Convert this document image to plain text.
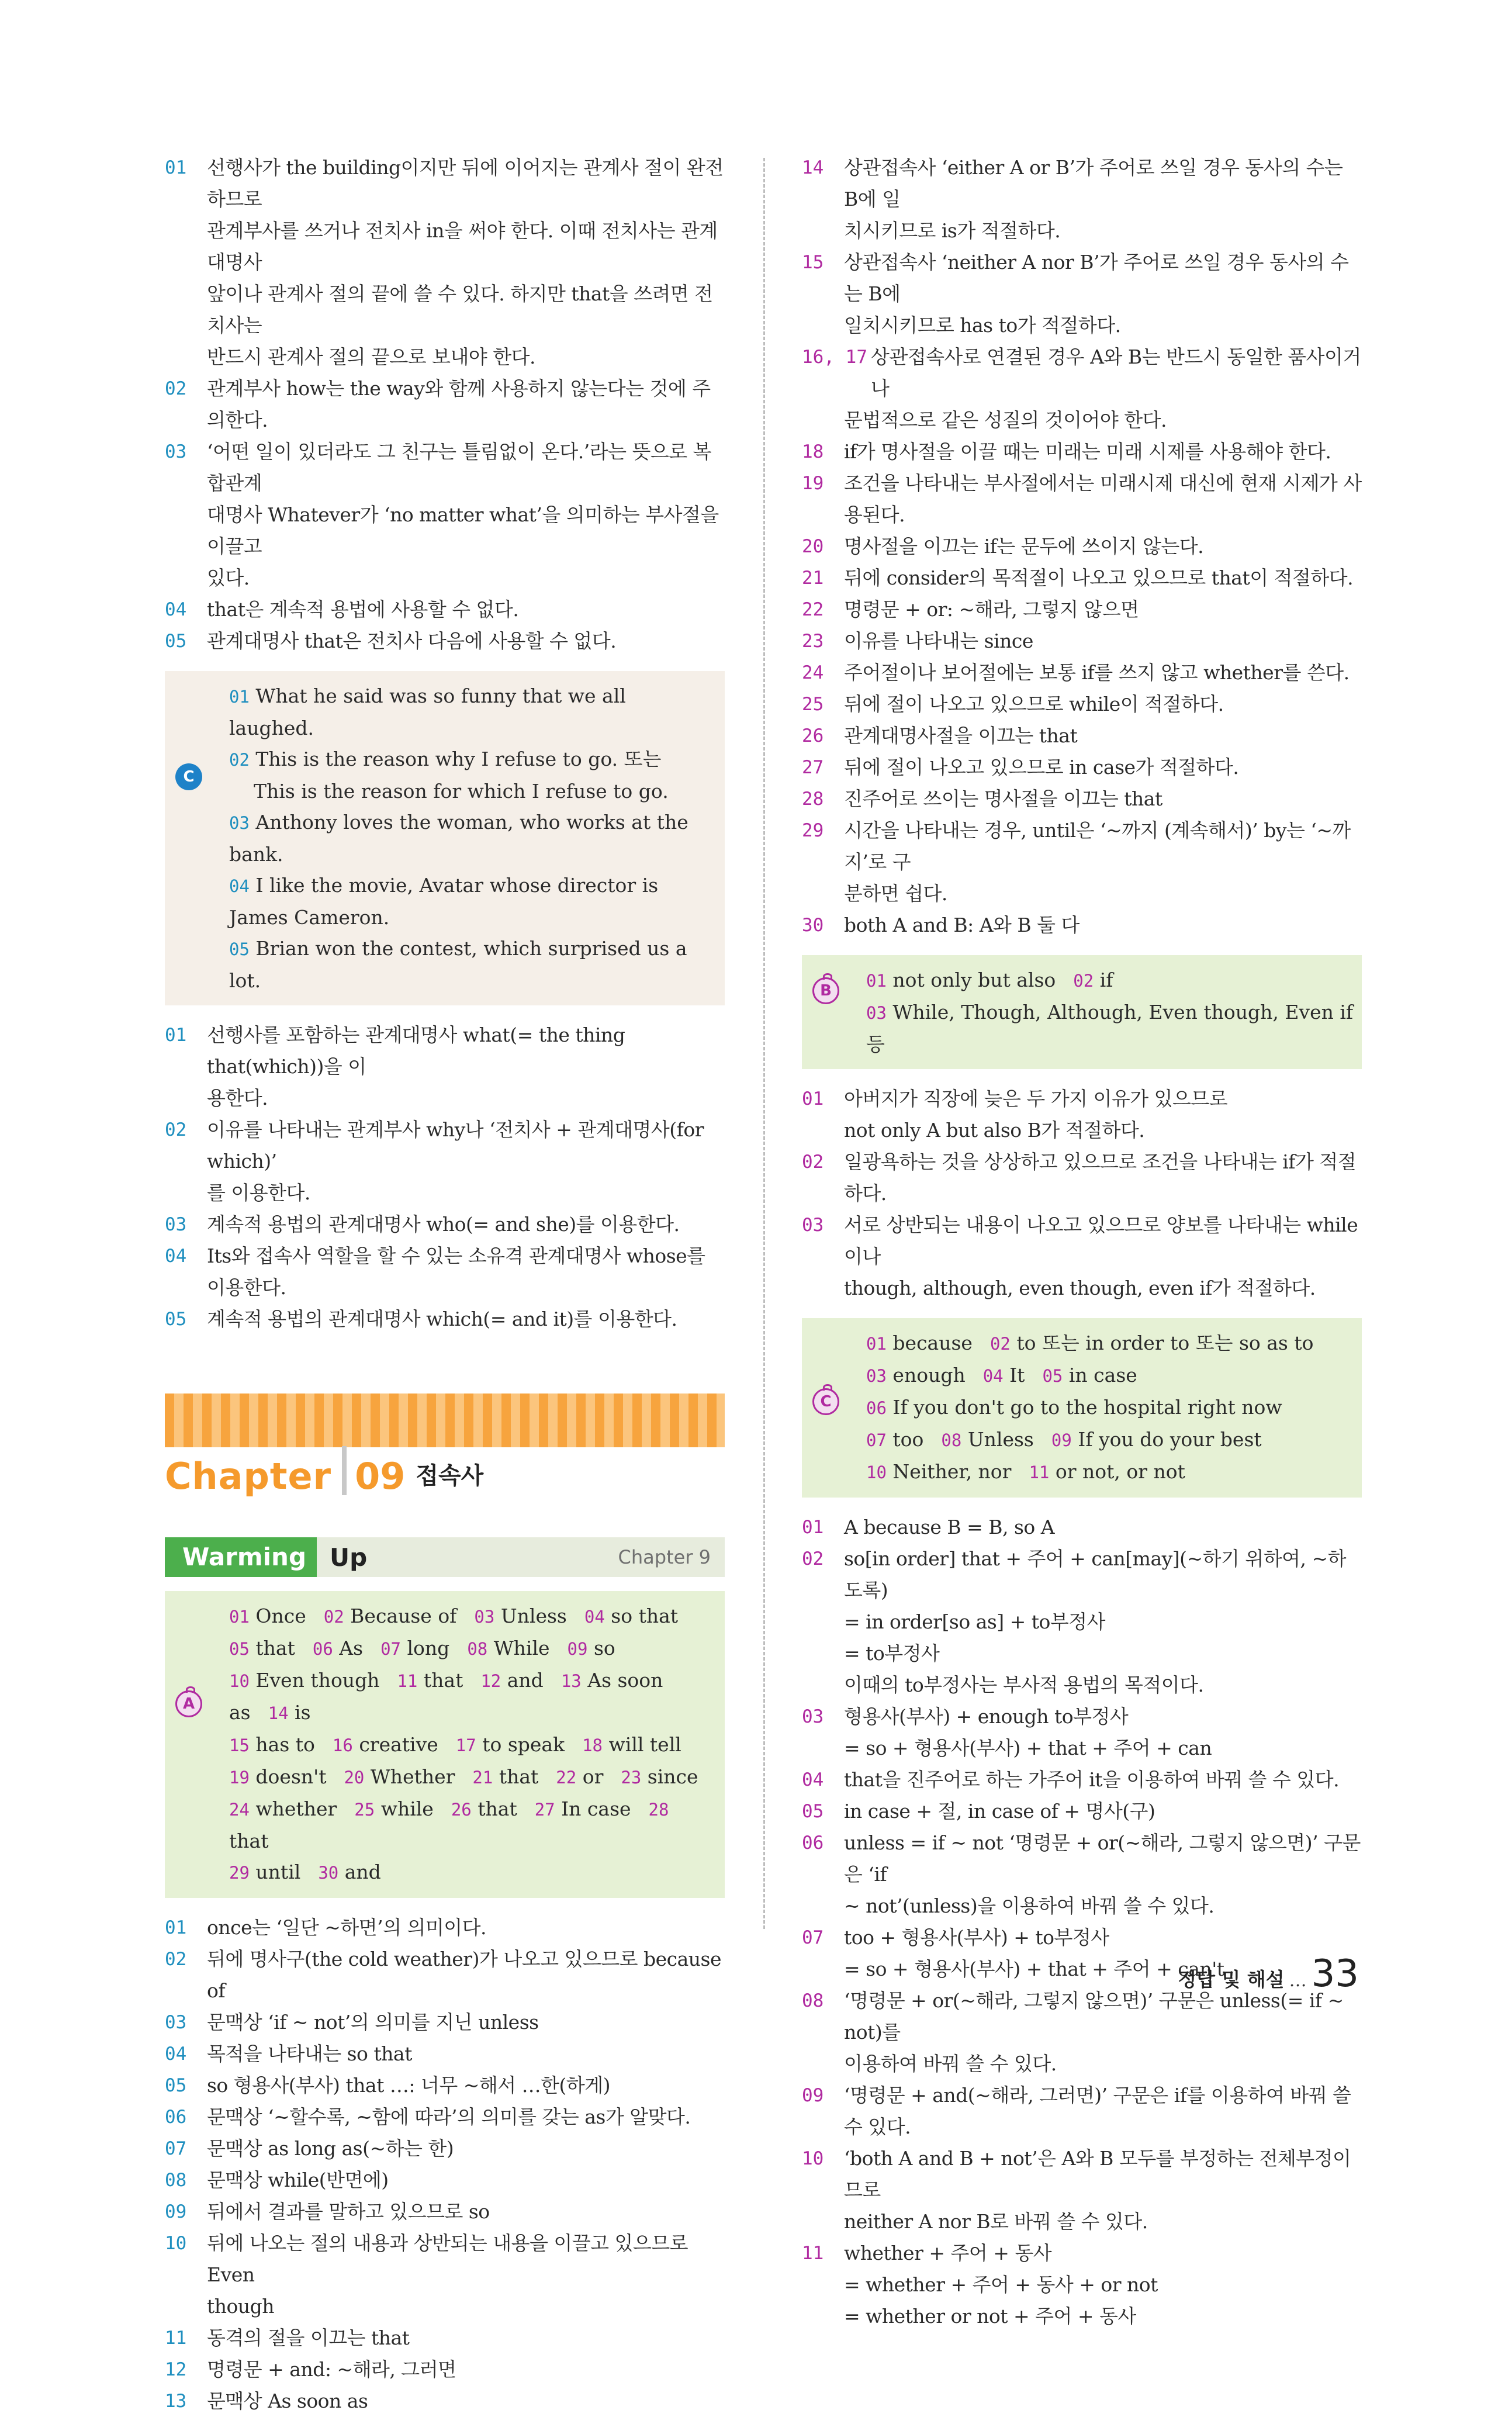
01	선행사가 the building이지만 뒤에 이어지는 관계사 절이 완전하므로
관계부사를 쓰거나 전치사 in을 써야 한다. 이때 전치사는 관계대명사
앞이나 관계사 절의 끝에 쓸 수 있다. 하지만 that을 쓰려면 전치사는
반드시 관계사 절의 끝으로 보내야 한다.
02	관계부사 how는 the way와 함께 사용하지 않는다는 것에 주의한다.
03	‘어떤 일이 있더라도 그 친구는 틀림없이 온다.’라는 뜻으로 복합관계
대명사 Whatever가 ‘no matter what’을 의미하는 부사절을 이끌고
있다.
04	that은 계속적 용법에 사용할 수 없다.
05	관계대명사 that은 전치사 다음에 사용할 수 없다.
C
01 What he said was so funny that we all laughed.
02 This is the reason why I refuse to go. 또는
This is the reason for which I refuse to go.
03 Anthony loves the woman, who works at the bank.
04 I like the movie, Avatar whose director is James Cameron.
05 Brian won the contest, which surprised us a lot.
01	선행사를 포함하는 관계대명사 what(= the thing that(which))을 이
용한다.
02	이유를 나타내는 관계부사 why나 ‘전치사 + 관계대명사(for which)’
를 이용한다.
03	계속적 용법의 관계대명사 who(= and she)를 이용한다.
04	Its와 접속사 역할을 할 수 있는 소유격 관계대명사 whose를 이용한다.
05	계속적 용법의 관계대명사 which(= and it)를 이용한다.
Chapter 09 접속사
Warming Up	Chapter 9
A
01 Once 02 Because of 03 Unless 04 so that
05 that 06 As 07 long 08 While 09 so
10 Even though 11 that 12 and 13 As soon as 14 is
15 has to 16 creative 17 to speak 18 will tell
19 doesn't 20 Whether 21 that 22 or 23 since
24 whether 25 while 26 that 27 In case 28 that
29 until 30 and
01	once는 ‘일단 ~하면’의 의미이다.
02	뒤에 명사구(the cold weather)가 나오고 있으므로 because of
03	문맥상 ‘if ~ not’의 의미를 지닌 unless
04	목적을 나타내는 so that
05	so 형용사(부사) that …: 너무 ~해서 …한(하게)
06	문맥상 ‘~할수록, ~함에 따라’의 의미를 갖는 as가 알맞다.
07	문맥상 as long as(~하는 한)
08	문맥상 while(반면에)
09	뒤에서 결과를 말하고 있으므로 so
10	뒤에 나오는 절의 내용과 상반되는 내용을 이끌고 있으므로 Even
though
11	동격의 절을 이끄는 that
12	명령문 + and: ~해라, 그러면
13	문맥상 As soon as
14	상관접속사 ‘either A or B’가 주어로 쓰일 경우 동사의 수는 B에 일
치시키므로 is가 적절하다.
15	상관접속사 ‘neither A nor B’가 주어로 쓰일 경우 동사의 수는 B에
일치시키므로 has to가 적절하다.
16, 17 상관접속사로 연결된 경우 A와 B는 반드시 동일한 품사이거나
문법적으로 같은 성질의 것이어야 한다.
18	if가 명사절을 이끌 때는 미래는 미래 시제를 사용해야 한다.
19	조건을 나타내는 부사절에서는 미래시제 대신에 현재 시제가 사용된다.
20	명사절을 이끄는 if는 문두에 쓰이지 않는다.
21	뒤에 consider의 목적절이 나오고 있으므로 that이 적절하다.
22	명령문 + or: ~해라, 그렇지 않으면
23	이유를 나타내는 since
24	주어절이나 보어절에는 보통 if를 쓰지 않고 whether를 쓴다.
25	뒤에 절이 나오고 있으므로 while이 적절하다.
26	관계대명사절을 이끄는 that
27	뒤에 절이 나오고 있으므로 in case가 적절하다.
28	진주어로 쓰이는 명사절을 이끄는 that
29	시간을 나타내는 경우, until은 ‘~까지 (계속해서)’ by는 ‘~까지’로 구
분하면 쉽다.
30	both A and B: A와 B 둘 다
B	01 not only but also 02 if
03 While, Though, Although, Even though, Even if 등
01	아버지가 직장에 늦은 두 가지 이유가 있으므로
not only A but also B가 적절하다.
02	일광욕하는 것을 상상하고 있으므로 조건을 나타내는 if가 적절하다.
03	서로 상반되는 내용이 나오고 있으므로 양보를 나타내는 while이나
though, although, even though, even if가 적절하다.
C
01 because 02 to 또는 in order to 또는 so as to
03 enough 04 It 05 in case
06 If you don't go to the hospital right now
07 too 08 Unless 09 If you do your best
10 Neither, nor 11 or not, or not
01	A because B = B, so A
02	so[in order] that + 주어 + can[may](~하기 위하여, ~하도록)
= in order[so as] + to부정사
= to부정사
이때의 to부정사는 부사적 용법의 목적이다.
03	형용사(부사) + enough to부정사
= so + 형용사(부사) + that + 주어 + can
04	that을 진주어로 하는 가주어 it을 이용하여 바꿔 쓸 수 있다.
05	in case + 절, in case of + 명사(구)
06	unless = if ~ not ‘명령문 + or(~해라, 그렇지 않으면)’ 구문은 ‘if
~ not’(unless)을 이용하여 바꿔 쓸 수 있다.
07	too + 형용사(부사) + to부정사
= so + 형용사(부사) + that + 주어 + can't
08	‘명령문 + or(~해라, 그렇지 않으면)’ 구문은 unless(= if ~ not)를
이용하여 바꿔 쓸 수 있다.
09	‘명령문 + and(~해라, 그러면)’ 구문은 if를 이용하여 바꿔 쓸 수 있다.
10	‘both A and B + not’은 A와 B 모두를 부정하는 전체부정이므로
neither A nor B로 바꿔 쓸 수 있다.
11	whether + 주어 + 동사
= whether + 주어 + 동사 + or not
= whether or not + 주어 + 동사
정답 및 해설 … 33
